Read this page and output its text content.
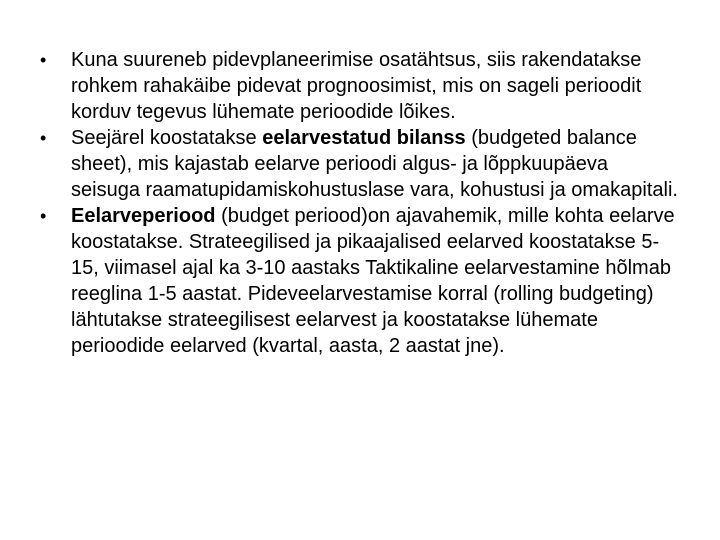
• Kuna suureneb pidevplaneerimise osatähtsus, siis rakendatakse rohkem rahakäibe pidevat prognoosimist, mis on sageli perioodit korduv tegevus lühemate perioodide lõikes.
• Seejärel koostatakse eelarvestatud bilanss (budgeted balance sheet), mis kajastab eelarve perioodi algus- ja lõppkuupäeva seisuga raamatupidamiskohustuslase vara, kohustusi ja omakapitali.
• Eelarveperiood (budget periood)on ajavahemik, mille kohta eelarve koostatakse. Strateegilised ja pikaajalised eelarved koostatakse 5-15, viimasel ajal ka 3-10 aastaks Taktikaline eelarvestamine hõlmab reeglina 1-5 aastat. Pideveelarvestamise korral (rolling budgeting) lähtutakse strateegilisest eelarvest ja koostatakse lühemate perioodide eelarved (kvartal, aasta, 2 aastat jne).
